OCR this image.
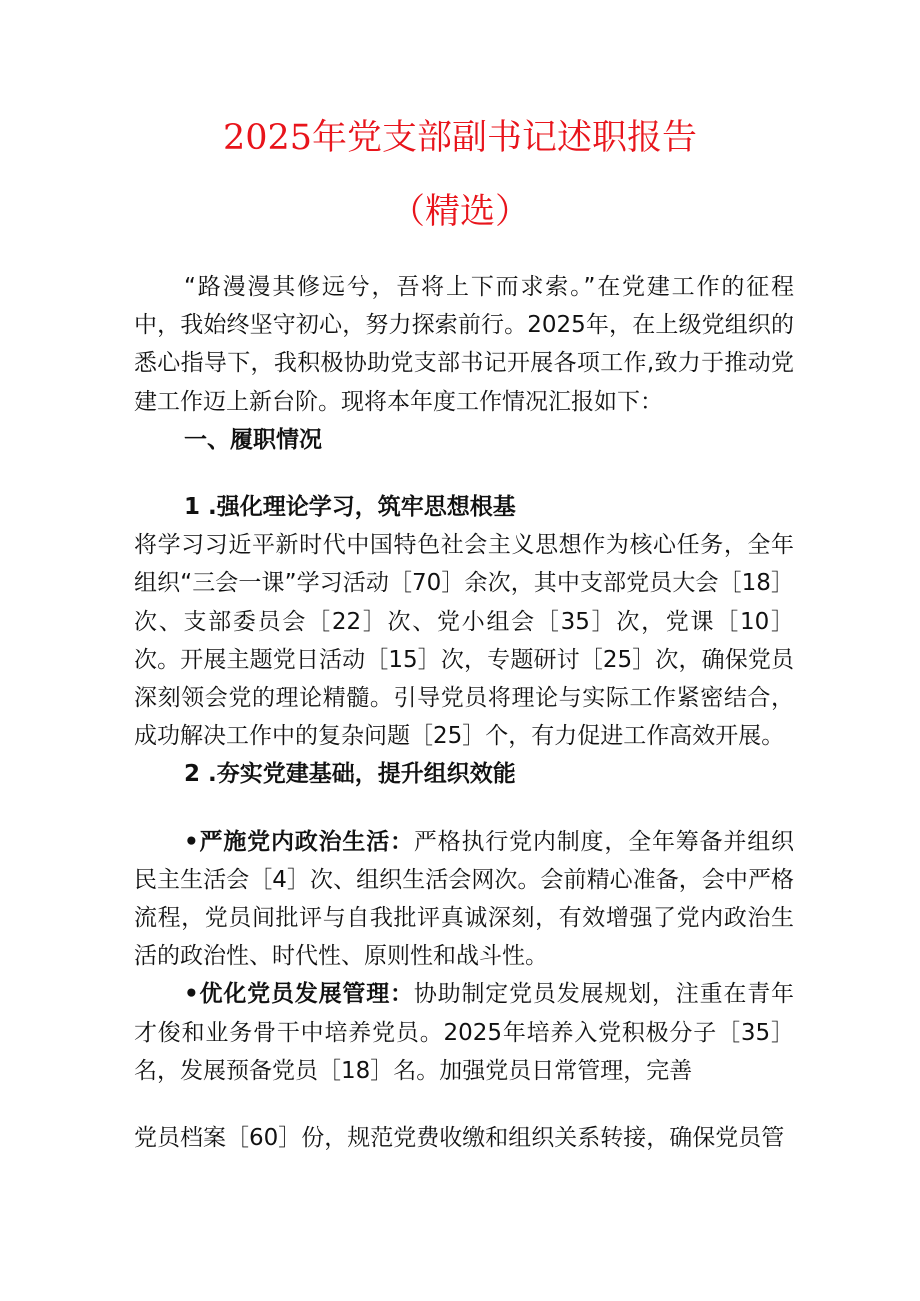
2025年党支部副书记述职报告
（精选）

“路漫漫其修远兮，吾将上下而求索。”在党建工作的征程中，我始终坚守初心，努力探索前行。2025年，在上级党组织的悉心指导下，我积极协助党支部书记开展各项工作,致力于推动党建工作迈上新台阶。现将本年度工作情况汇报如下：

一、履职情况

1 .强化理论学习，筑牢思想根基

将学习习近平新时代中国特色社会主义思想作为核心任务，全年组织“三会一课”学习活动［70］余次，其中支部党员大会［18］次、支部委员会［22］次、党小组会［35］次，党课［10］次。开展主题党日活动［15］次，专题研讨［25］次，确保党员深刻领会党的理论精髓。引导党员将理论与实际工作紧密结合，成功解决工作中的复杂问题［25］个，有力促进工作高效开展。

2 .夯实党建基础，提升组织效能

•严施党内政治生活：严格执行党内制度，全年筹备并组织民主生活会［4］次、组织生活会网次。会前精心准备，会中严格流程，党员间批评与自我批评真诚深刻，有效增强了党内政治生活的政治性、时代性、原则性和战斗性。

•优化党员发展管理：协助制定党员发展规划，注重在青年才俊和业务骨干中培养党员。2025年培养入党积极分子［35］名，发展预备党员［18］名。加强党员日常管理，完善

党员档案［60］份，规范党费收缴和组织关系转接，确保党员管
